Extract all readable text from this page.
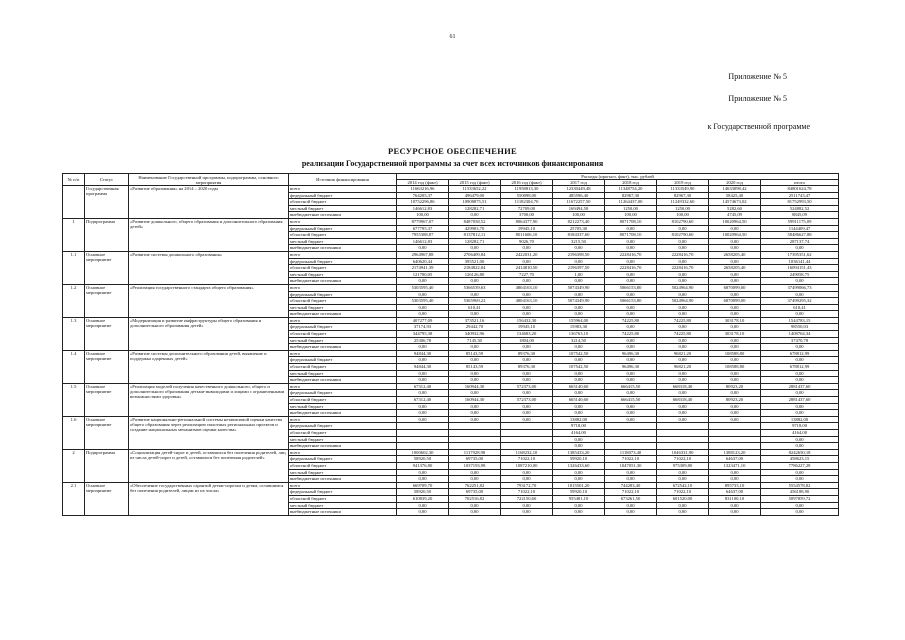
61
Приложение № 5
Приложение № 5
к Государственной программе
РЕСУРСНОЕ ОБЕСПЕЧЕНИЕ
реализации Государственной программы за счет всех источников финансирования
№ п/п	Статус	Наименование Государственной программы, подпрограммы, основного мероприятия	Источник финансирования	Расходы (прогноз, факт), тыс. рублей							
				2014 год (факт)	2015 год (факт)	2016 год (факт)	2017 год	2018 год	2019 год	2020 год	итого
	Государственная программа	«Развитие образования» на 2014 – 2020 годы	всего	11663216,96	11533652,22	11958813,30	12330449,48	11348754,20	11333549,90	14633098,42	84801624,78
			федеральный бюджет	764205,37	496479,00	550098,00	485596,40	82967,30	82967,30	58425,40	2511743,47
			областной бюджет	10752296,86	10908875,51	11182304,70	11672257,50	11264437,00	11249332,60	14574673,02	81752993,50
			местный бюджет	146612,83	128282,71	72709,00	169494,58	1250,00	1250,00	5282,60	524882,52
			внебюджетные источники	100,00	0,00	3700,00	100,00	100,00	100,00	4745,09	8845,09
1	Подпрограмма	«Развитие дошкольного, общего образования и дополнительного образования детей»	всего	8779967,07	8487058,52	8064377,90	8212273,40	8071708,10	8102790,60	10020964,50	59911175,09
			федеральный бюджет	677795,37	429903,70	19945,10	25705,30	0,00	0,00	0,00	1144409,47
			областной бюджет	7955388,87	8137812,11	8011606,10	8184337,60	8071708,10	8102790,60	10020964,50	58486627,88
			местный бюджет	146612,83	128282,71	9026,70	3215,50	0,00	0,00	0,00	287137,74
			внебюджетные источники	0,00	0,00	0,00	0,00	0,00	0,00	0,00	0,00
1.1	Основное мероприятие	«Развитие системы дошкольного образования»	всего	2964967,88	2706409,84	2422031,20	2196398,50	2228416,70	2228416,70	2658205,40	17395351,62
			федеральный бюджет	640620,44	395521,00	0,00	0,00	0,00	0,00	0,00	1036141,44
			областной бюджет	2174941,39	2184822,04	2414810,50	2196397,50	2228416,70	2228416,70	2658205,40	16094151,43
			местный бюджет	121700,05	126126,80	7227,70	1,00	0,00	0,00	0,00	249058,75
			внебюджетные источники	0,00	0,00	0,00	0,00	0,00	0,00	0,00	0,00
1.2	Основное мероприятие	«Реализация государственного стандарта общего образования»	всего	5303595,40	5366539,63	4804163,10	5074349,90	5066153,80	5024964,90	6870099,00	37499066,73
			федеральный бюджет	0,00	0,00	0,00	0,00	0,00	0,00	0,00	0,00
			областной бюджет	5303595,40	5365969,22	4804163,10	5074349,90	5066153,80	5024964,90	6870099,00	37499295,32
			местный бюджет	0,00	610,41	0,00	0,00	0,00	0,00	0,00	610,41
			внебюджетные источники	0,00	0,00	0,00	0,00	0,00	0,00	0,00	0,00
1.3	Основное мероприятие	«Модернизация и развитие инфраструктуры общего образования и дополнительного образования детей»	всего	407277,09	373521,16	156432,30	155964,00	74225,80	74225,80	303178,10	1544783,15
			федеральный бюджет	37174,93	29442,70	19945,10	15983,30	0,00	0,00	0,00	98550,03
			областной бюджет	344795,38	340932,96	134683,20	136763,10	74225,80	74225,80	303178,10	1408764,34
			местный бюджет	25306,78	7145,30	1804,00	3214,50	0,00	0,00	0,00	37470,78
			внебюджетные источники	0,00	0,00	0,00	0,00	0,00	0,00	0,00	0,00
1.4	Основное мероприятие	«Развитие системы дополнительного образования детей, выявление и поддержка одаренных детей»	всего	94844,30	85143,59	89376,30	107542,50	96496,30	96821,20	108588,80	678812,99
			федеральный бюджет	0,00	0,00	0,00	0,00	0,00	0,00	0,00	0,00
			областной бюджет	94844,30	85143,59	89376,30	107542,50	96496,30	96821,20	108588,80	678812,99
			местный бюджет	0,00	0,00	0,00	0,00	0,00	0,00	0,00	0,00
			внебюджетные источники	0,00	0,00	0,00	0,00	0,00	0,00	0,00	0,00
1.5	Основное мероприятие	«Реализация моделей получения качественного дошкольного, общего и дополнительного образования детьми-инвалидами и лицами с ограниченными возможностями здоровья»	всего	67312,40	160944,30	572373,00	665140,60	666415,50	668318,40	80923,20	2881437,60
			федеральный бюджет	0,00	0,00	0,00	0,00	0,00	0,00	0,00	0,00
			областной бюджет	67312,40	160944,30	572373,00	665140,60	666415,50	668318,40	80923,20	2881437,60
			местный бюджет	0,00	0,00	0,00	0,00	0,00	0,00	0,00	0,00
			внебюджетные источники	0,00	0,00	0,00	0,00	0,00	0,00	0,00	0,00
1.6	Основное мероприятие	«Развитие национально-региональной системы независимой оценки качества общего образования через реализацию пилотных региональных проектов и создание национальных механизмов оценки качества»	всего	0,00	0,00	0,00	13882,00	0,00	0,00	0,00	13882,00
			федеральный бюджет				9718,00				9718,00
			областной бюджет				4164,00				4164,00
			местный бюджет				0,00				0,00
			внебюджетные источники				0,00				0,00
2	Подпрограмма	«Социализация детей-сирот и детей, оставшихся без попечения родителей, лиц из числа детей-сирот и детей, оставшихся без попечения родителей»	всего	1000602,30	1117928,98	1168232,10	1385433,20	1118073,40	1046331,90	1388123,20	8242650,18
			федеральный бюджет	58920,50	69735,00	71022,10	59920,10	71022,10	71022,10	64637,00	458623,15
			областной бюджет	941376,80	1037193,98	1087210,00	1326433,60	1047051,30	975309,80	1323471,10	7786227,28
			местный бюджет	0,00	0,00	0,00	0,00	0,00	0,00	0,00	0,00
			внебюджетные источники	0,00	0,00	0,00	0,00	0,00	0,00	0,00	0,00
2.1	Основное мероприятие	«Обеспечение государственных гарантий детям-сиротам и детям, оставшимся без попечения родителей, лицам из их числа»	всего	669709,70	762251,82	793172,70	1015501,20	744283,40	672542,10	895733,10	5554578,82
			федеральный бюджет	58920,50	69735,00	71022,10	59920,10	71022,10	71022,10	64637,00	456188,90
			областной бюджет	610839,20	702516,82	722150,60	955481,10	673261,50	601520,00	831100,10	5097859,72
			местный бюджет	0,00	0,00	0,00	0,00	0,00	0,00	0,00	0,00
			внебюджетные источники	0,00	0,00	0,00	0,00	0,00	0,00	0,00	0,00
